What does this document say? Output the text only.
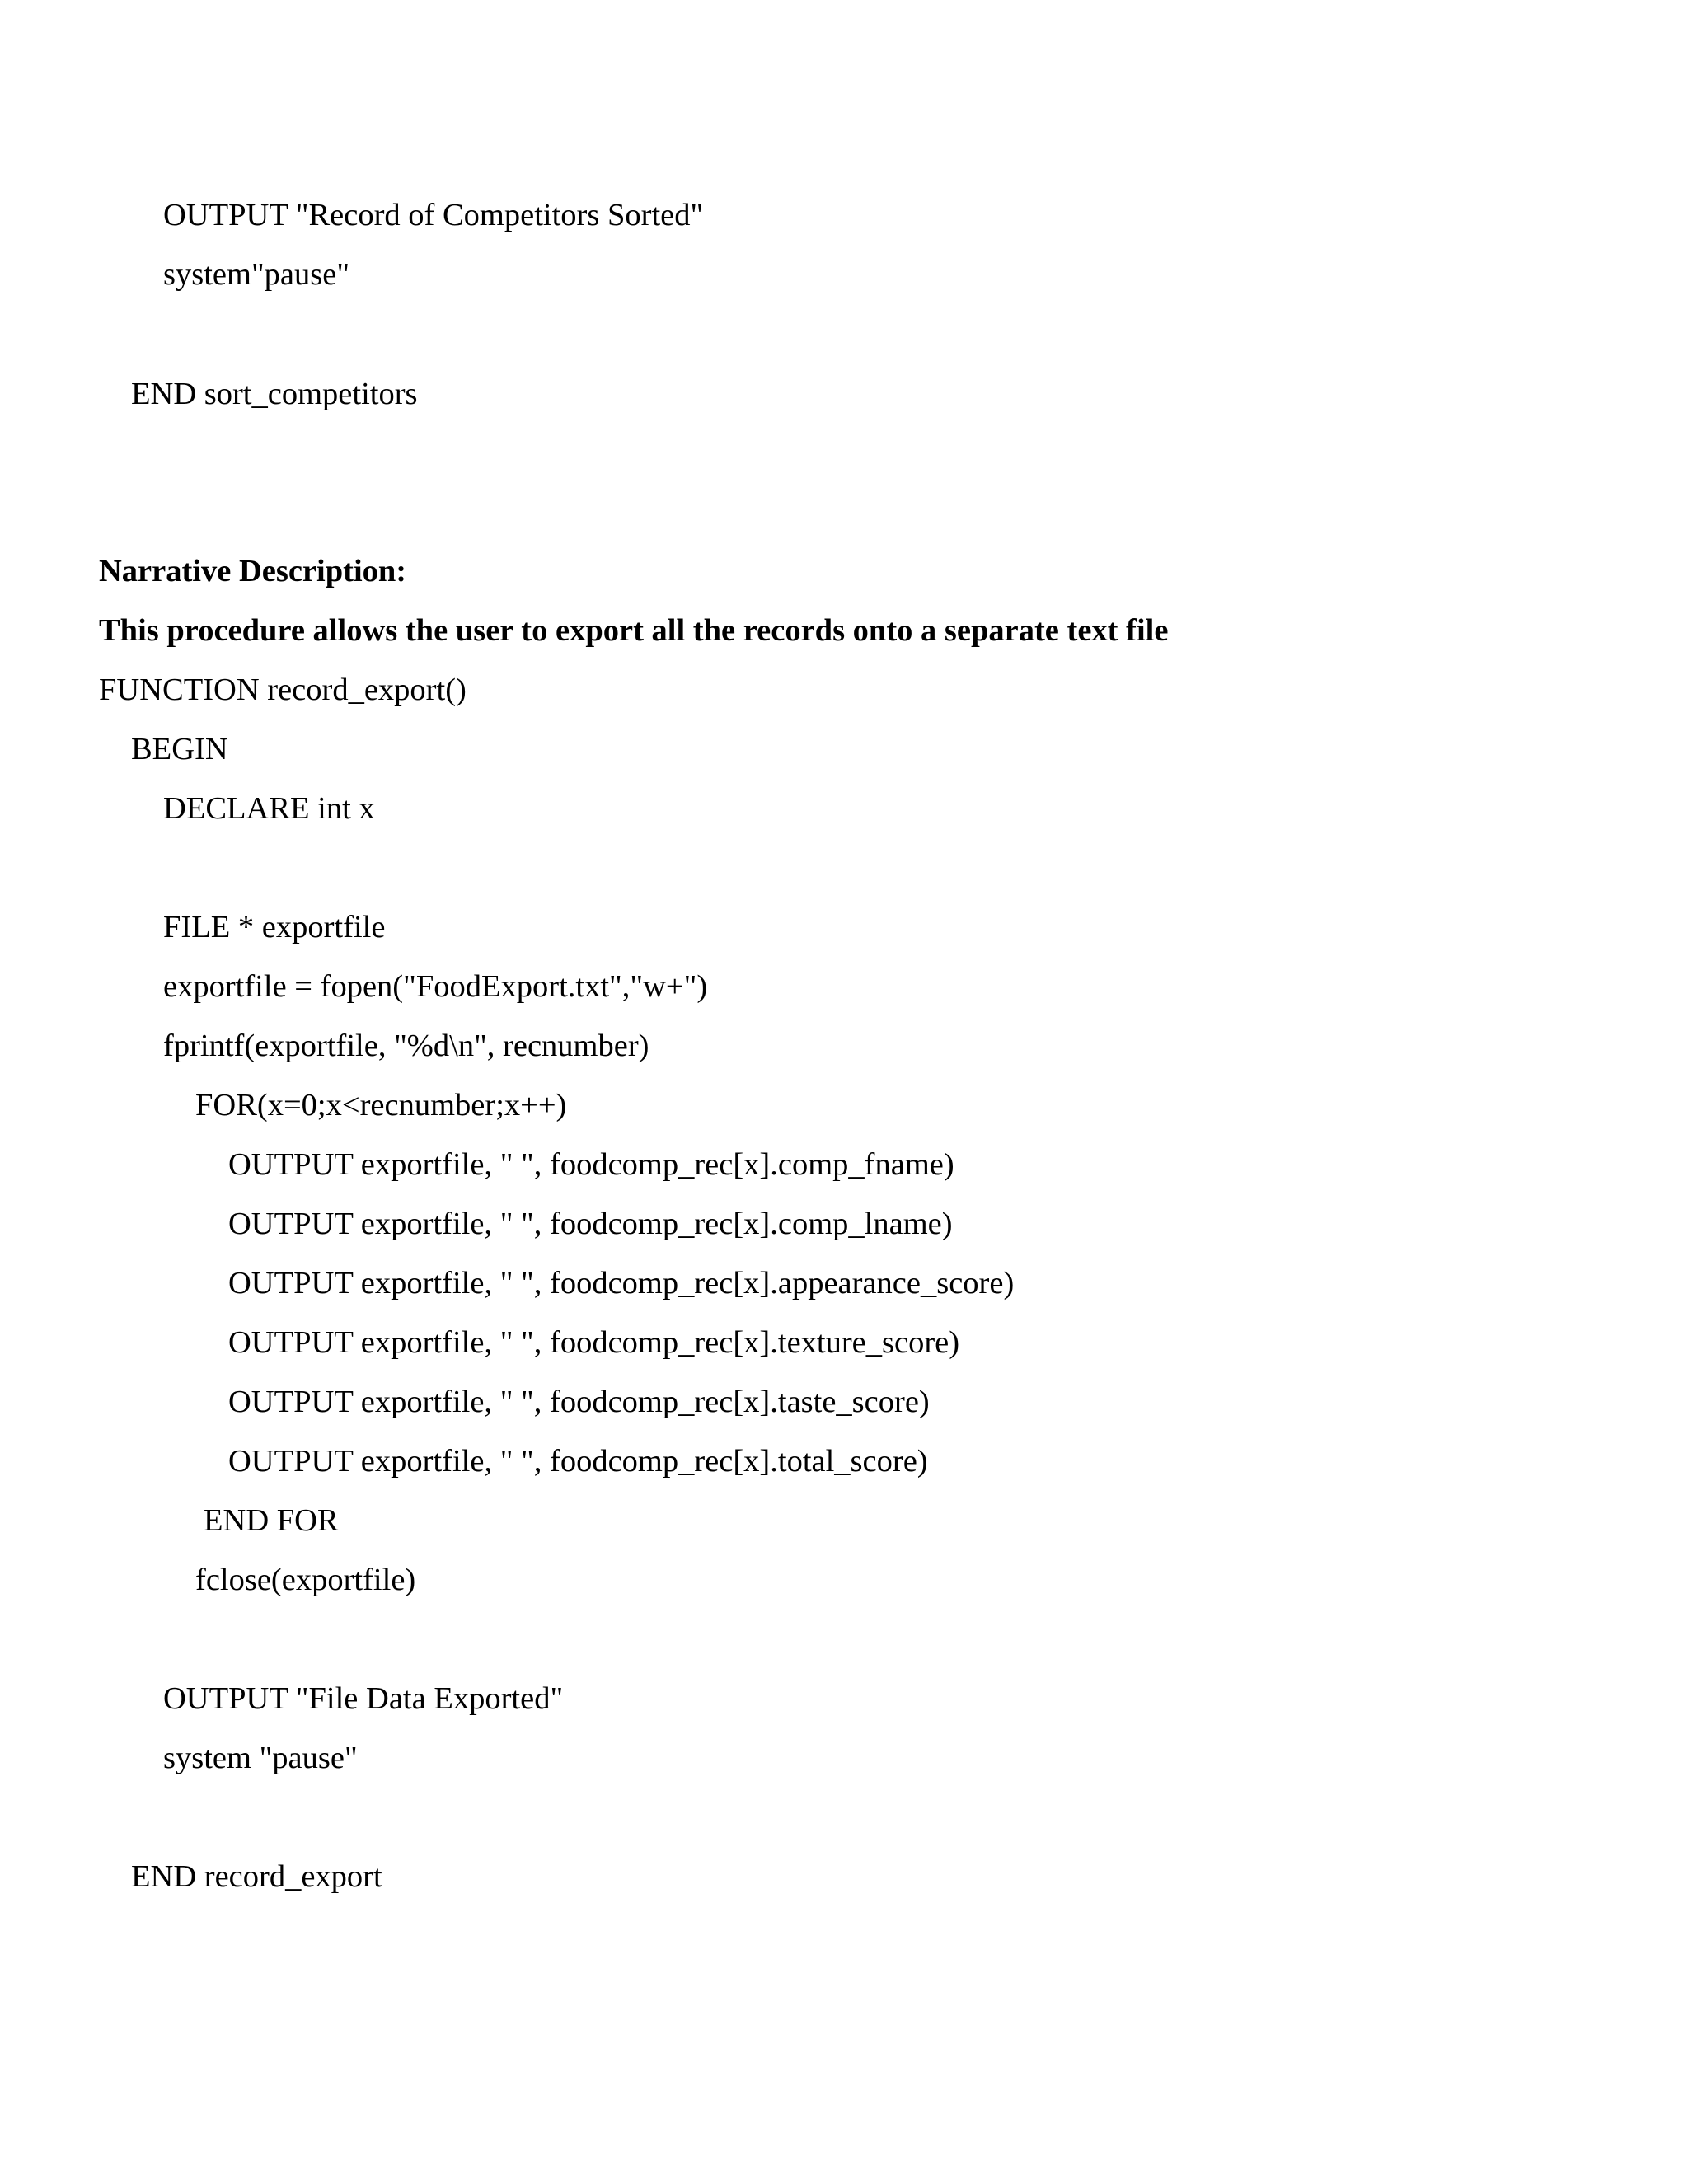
OUTPUT "Record of Competitors Sorted"
system"pause"
END sort_competitors
Narrative Description:
This procedure allows the user to export all the records onto a separate text file
FUNCTION record_export()
BEGIN
DECLARE int x
FILE * exportfile
exportfile = fopen("FoodExport.txt","w+")
fprintf(exportfile, "%d\n", recnumber)
FOR(x=0;x<recnumber;x++)
OUTPUT exportfile, " ", foodcomp_rec[x].comp_fname)
OUTPUT exportfile, " ", foodcomp_rec[x].comp_lname)
OUTPUT exportfile, " ", foodcomp_rec[x].appearance_score)
OUTPUT exportfile, " ", foodcomp_rec[x].texture_score)
OUTPUT exportfile, " ", foodcomp_rec[x].taste_score)
OUTPUT exportfile, " ", foodcomp_rec[x].total_score)
END FOR
fclose(exportfile)
OUTPUT "File Data Exported"
system "pause"
END record_export
